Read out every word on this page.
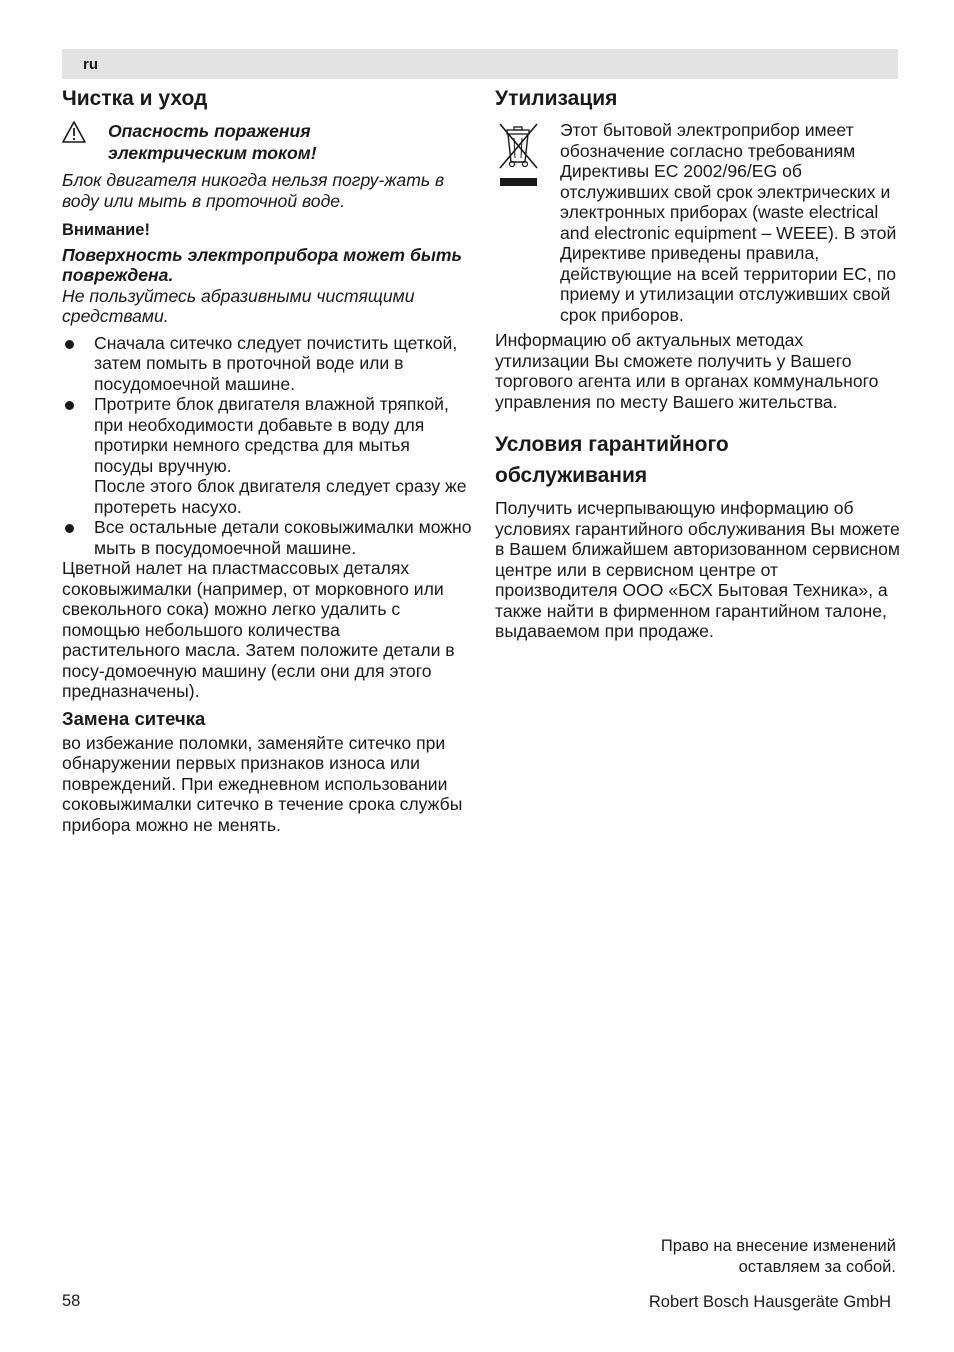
ru
Чистка и уход
Опасность поражения
электрическим током!

Блок двигателя никогда нельзя погру-жать в воду или мыть в проточной воде.

Внимание!

Поверхность электроприбора может быть повреждена.

Не пользуйтесь абразивными чистящими средствами.

Сначала ситечко следует почистить щеткой, затем помыть в проточной воде или в посудомоечной машине.
Протрите блок двигателя влажной тряпкой, при необходимости добавьте в воду для протирки немного средства для мытья посуды вручную.
После этого блок двигателя следует сразу же протереть насухо.
Все остальные детали соковыжималки можно мыть в посудомоечной машине.

Цветной налет на пластмассовых деталях соковыжималки (например, от морковного или свекольного сока) можно легко удалить с помощью небольшого количества растительного масла. Затем положите детали в посу-домоечную машину (если они для этого предназначены).

Замена ситечка

во избежание поломки, заменяйте ситечко при обнаружении первых признаков износа или повреждений. При ежедневном использовании соковыжималки ситечко в течение срока службы прибора можно не менять.

Утилизация

Этот бытовой электроприбор имеет обозначение согласно требованиям Директивы ЕС 2002/96/EG об отслуживших свой срок электрических и электронных приборах (waste electrical and electronic equipment – WEEE). В этой Директиве приведены правила, действующие на всей территории ЕС, по приему и утилизации отслуживших свой срок приборов.

Информацию об актуальных методах утилизации Вы сможете получить у Вашего торгового агента или в органах коммунального управления по месту Вашего жительства.

Условия гарантийного обслуживания

Получить исчерпывающую информацию об условиях гарантийного обслуживания Вы можете в Вашем ближайшем авторизованном сервисном центре или в сервисном центре от производителя ООО «БСХ Бытовая Техника», а также найти в фирменном гарантийном талоне, выдаваемом при продаже.

Право на внесение изменений
оставляем за собой.
58	Robert Bosch Hausgeräte GmbH
